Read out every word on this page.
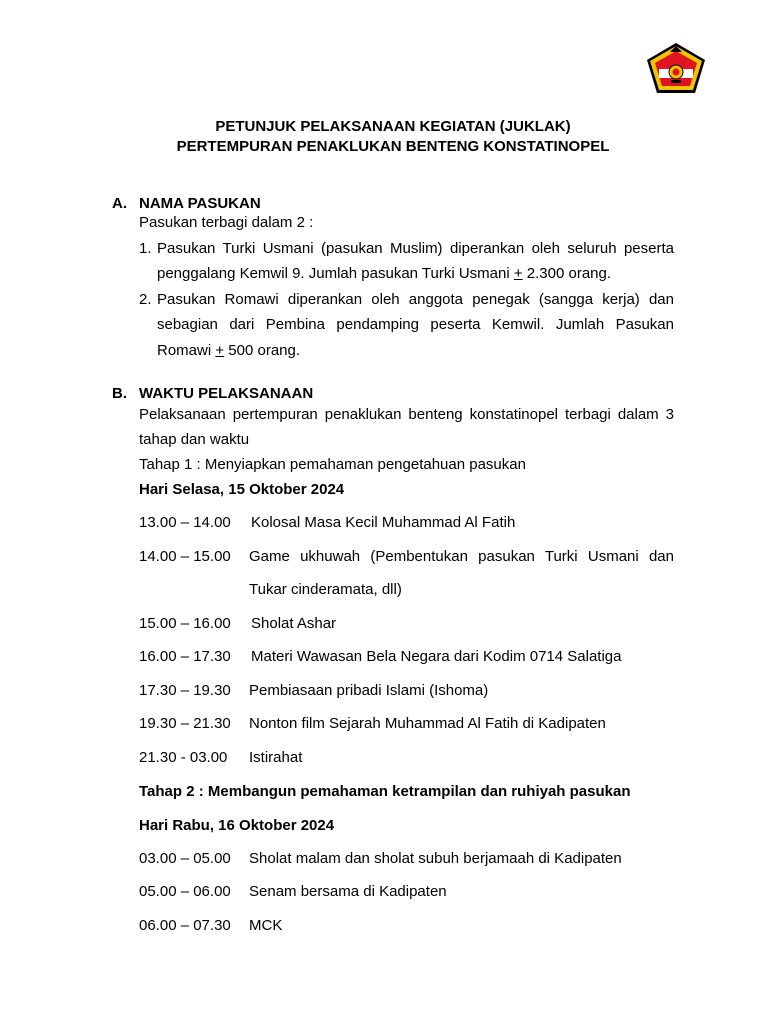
PETUNJUK PELAKSANAAN KEGIATAN (JUKLAK)
PERTEMPURAN PENAKLUKAN BENTENG KONSTATINOPEL
A. NAMA PASUKAN
Pasukan terbagi dalam 2 :
1. Pasukan Turki Usmani (pasukan Muslim) diperankan oleh seluruh peserta
penggalang Kemwil 9. Jumlah pasukan Turki Usmani + 2.300 orang.
2. Pasukan Romawi diperankan oleh anggota penegak (sangga kerja) dan
sebagian dari Pembina pendamping peserta Kemwil. Jumlah Pasukan
Romawi + 500 orang.
B. WAKTU PELAKSANAAN
Pelaksanaan pertempuran penaklukan benteng konstatinopel terbagi dalam 3
tahap dan waktu
Tahap 1 : Menyiapkan pemahaman pengetahuan pasukan
Hari Selasa, 15 Oktober 2024
13.00 – 14.00 Kolosal Masa Kecil Muhammad Al Fatih
14.00 – 15.00 Game ukhuwah (Pembentukan pasukan Turki Usmani dan
Tukar cinderamata, dll)
15.00 – 16.00 Sholat Ashar
16.00 – 17.30 Materi Wawasan Bela Negara dari Kodim 0714 Salatiga
17.30 – 19.30 Pembiasaan pribadi Islami (Ishoma)
19.30 – 21.30 Nonton film Sejarah Muhammad Al Fatih di Kadipaten
21.30 - 03.00 Istirahat
Tahap 2 : Membangun pemahaman ketrampilan dan ruhiyah pasukan
Hari Rabu, 16 Oktober 2024
03.00 – 05.00 Sholat malam dan sholat subuh berjamaah di Kadipaten
05.00 – 06.00 Senam bersama di Kadipaten
06.00 – 07.30 MCK
